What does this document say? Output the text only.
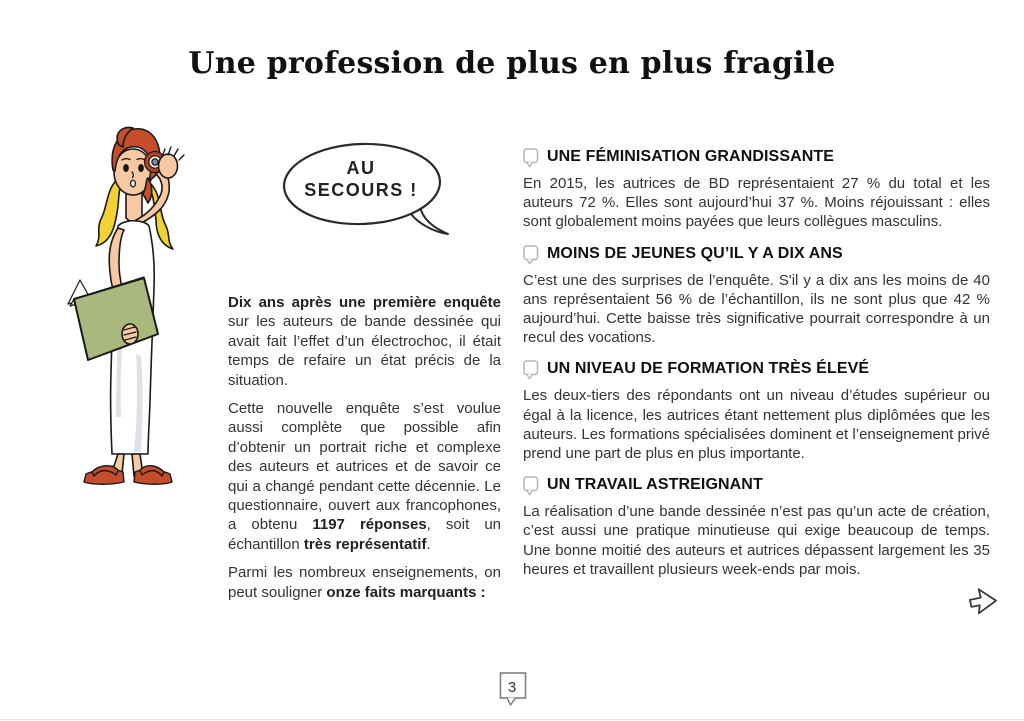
Une profession de plus en plus fragile
AU
SECOURS !

Dix ans après une première enquête sur les auteurs de bande dessinée qui avait fait l’effet d’un électrochoc, il était temps de refaire un état précis de la situation.

Cette nouvelle enquête s’est voulue aussi complète que possible afin d’obtenir un portrait riche et complexe des auteurs et autrices et de savoir ce qui a changé pendant cette décennie. Le questionnaire, ouvert aux francophones, a obtenu 1197 réponses, soit un échantillon très représentatif.

Parmi les nombreux enseignements, on peut souligner onze faits marquants :

UNE FÉMINISATION GRANDISSANTE

En 2015, les autrices de BD représentaient 27 % du total et les auteurs 72 %. Elles sont aujourd’hui 37 %. Moins réjouissant : elles sont globalement moins payées que leurs collègues masculins.

MOINS DE JEUNES QU’IL Y A DIX ANS

C’est une des surprises de l’enquête. S'il y a dix ans les moins de 40 ans représentaient 56 % de l’échantillon, ils ne sont plus que 42 % aujourd’hui. Cette baisse très significative pourrait correspondre à un recul des vocations.

UN NIVEAU DE FORMATION TRÈS ÉLEVÉ

Les deux-tiers des répondants ont un niveau d’études supérieur ou égal à la licence, les autrices étant nettement plus diplômées que les auteurs. Les formations spécialisées dominent et l’enseignement privé prend une part de plus en plus importante.

UN TRAVAIL ASTREIGNANT

La réalisation d’une bande dessinée n’est pas qu’un acte de création, c’est aussi une pratique minutieuse qui exige beaucoup de temps. Une bonne moitié des auteurs et autrices dépassent largement les 35 heures et travaillent plusieurs week-ends par mois.

3
